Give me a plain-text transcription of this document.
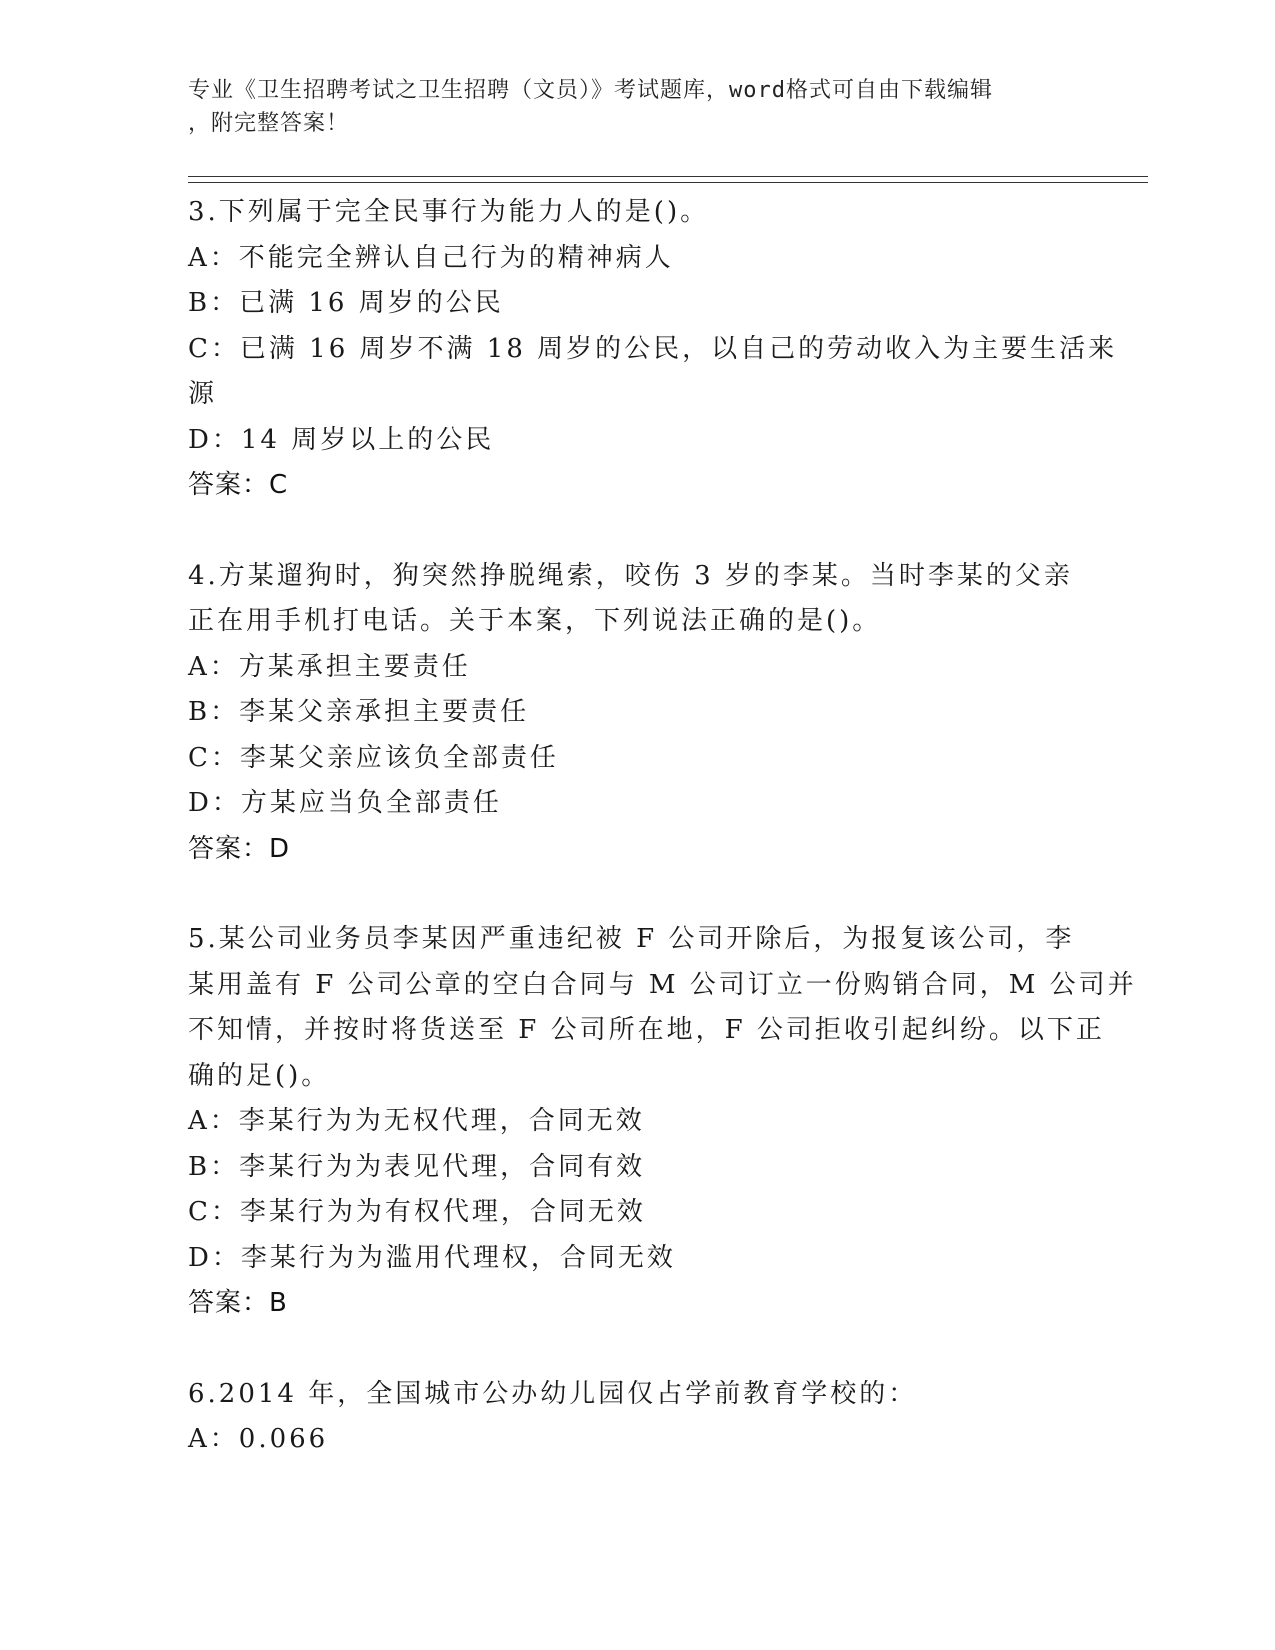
专业《卫生招聘考试之卫生招聘（文员）》考试题库，word格式可自由下载编辑
，附完整答案！
3.下列属于完全民事行为能力人的是()。
A：不能完全辨认自己行为的精神病人
B：已满 16 周岁的公民
C：已满 16 周岁不满 18 周岁的公民，以自己的劳动收入为主要生活来
源
D：14 周岁以上的公民
答案：C
4.方某遛狗时，狗突然挣脱绳索，咬伤 3 岁的李某。当时李某的父亲
正在用手机打电话。关于本案，下列说法正确的是()。
A：方某承担主要责任
B：李某父亲承担主要责任
C：李某父亲应该负全部责任
D：方某应当负全部责任
答案：D
5.某公司业务员李某因严重违纪被 F 公司开除后，为报复该公司，李
某用盖有 F 公司公章的空白合同与 M 公司订立一份购销合同，M 公司并
不知情，并按时将货送至 F 公司所在地，F 公司拒收引起纠纷。以下正
确的足()。
A：李某行为为无权代理，合同无效
B：李某行为为表见代理，合同有效
C：李某行为为有权代理，合同无效
D：李某行为为滥用代理权，合同无效
答案：B
6.2014 年，全国城市公办幼儿园仅占学前教育学校的：
A：0.066
